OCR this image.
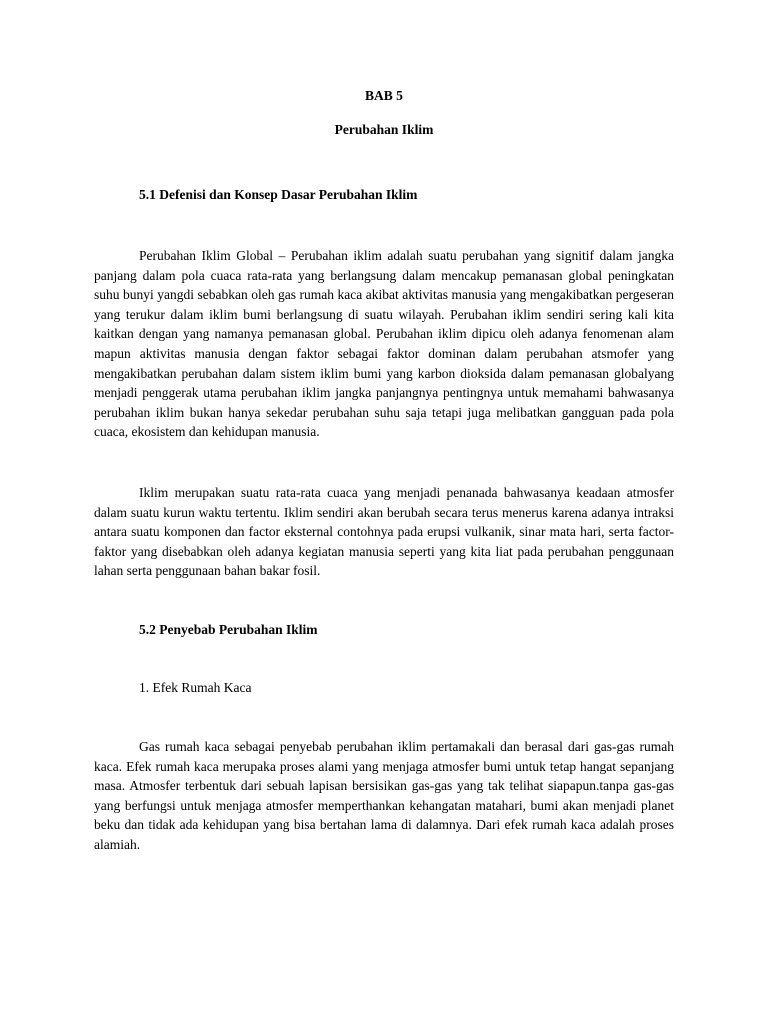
BAB 5

Perubahan Iklim

5.1 Defenisi dan Konsep Dasar Perubahan Iklim

Perubahan Iklim Global – Perubahan iklim adalah suatu perubahan yang signitif dalam jangka panjang dalam pola cuaca rata-rata yang berlangsung dalam mencakup pemanasan global peningkatan suhu bunyi yangdi sebabkan oleh gas rumah kaca akibat aktivitas manusia yang mengakibatkan pergeseran yang terukur dalam iklim bumi berlangsung di suatu wilayah. Perubahan iklim sendiri sering kali kita kaitkan dengan yang namanya pemanasan global. Perubahan iklim dipicu oleh adanya fenomenan alam mapun aktivitas manusia dengan faktor sebagai faktor dominan dalam perubahan atsmofer yang mengakibatkan perubahan dalam sistem iklim bumi yang karbon dioksida dalam pemanasan globalyang menjadi penggerak utama perubahan iklim jangka panjangnya pentingnya untuk memahami bahwasanya perubahan iklim bukan hanya sekedar perubahan suhu saja tetapi juga melibatkan gangguan pada pola cuaca, ekosistem dan kehidupan manusia.

Iklim merupakan suatu rata-rata cuaca yang menjadi penanada bahwasanya keadaan atmosfer dalam suatu kurun waktu tertentu. Iklim sendiri akan berubah secara terus menerus karena adanya intraksi antara suatu komponen dan factor eksternal contohnya pada erupsi vulkanik, sinar mata hari, serta factor-faktor yang disebabkan oleh adanya kegiatan manusia seperti yang kita liat pada perubahan penggunaan lahan serta penggunaan bahan bakar fosil.

5.2 Penyebab Perubahan Iklim

1. Efek Rumah Kaca

Gas rumah kaca sebagai penyebab perubahan iklim pertamakali dan berasal dari gas-gas rumah kaca. Efek rumah kaca merupaka proses alami yang menjaga atmosfer bumi untuk tetap hangat sepanjang masa. Atmosfer terbentuk dari sebuah lapisan bersisikan gas-gas yang tak telihat siapapun.tanpa gas-gas yang berfungsi untuk menjaga atmosfer memperthankan kehangatan matahari, bumi akan menjadi planet beku dan tidak ada kehidupan yang bisa bertahan lama di dalamnya. Dari efek rumah kaca adalah proses alamiah.
